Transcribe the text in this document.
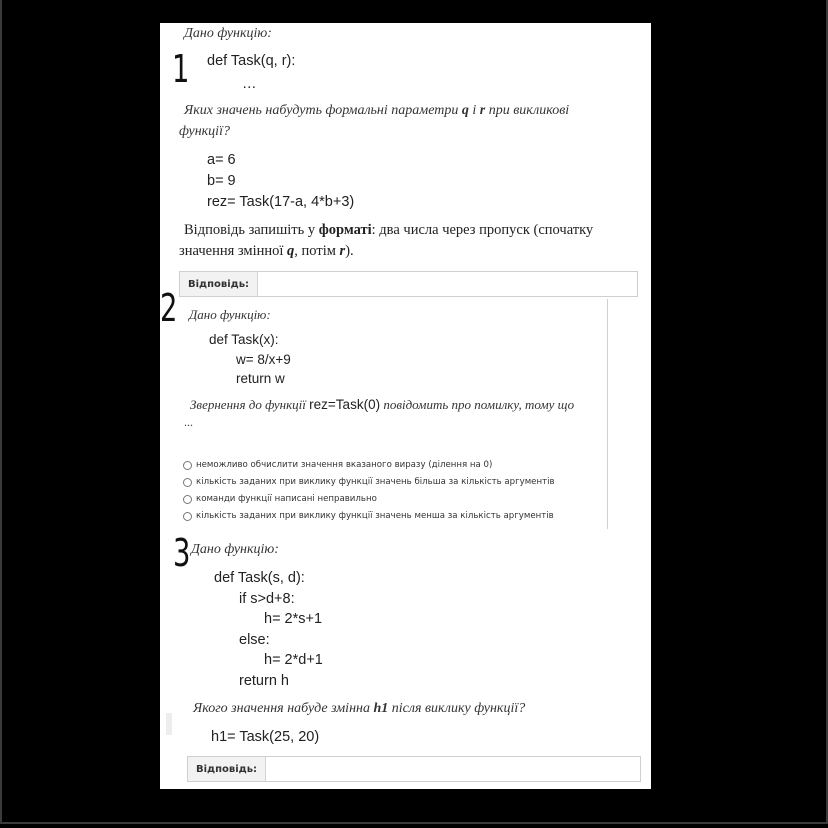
Дано функцію:
1 def Task(q, r):
…
Яких значень набудуть формальні параметри q і r при викликові
функції?
a= 6
b= 9
rez= Task(17-a, 4*b+3)
Відповідь запишіть у форматі: два числа через пропуск (спочатку
значення змінної q, потім r).
Відповідь:
2 Дано функцію:
def Task(x):
w= 8/x+9
return w
Звернення до функції rez=Task(0) повідомить про помилку, тому що
...
неможливо обчислити значення вказаного виразу (ділення на 0)
кількість заданих при виклику функції значень більша за кількість аргументів
команди функції написані неправильно
кількість заданих при виклику функції значень менша за кількість аргументів
3 Дано функцію:
def Task(s, d):
if s>d+8:
h= 2*s+1
else:
h= 2*d+1
return h
Якого значення набуде змінна h1 після виклику функції?
h1= Task(25, 20)
Відповідь:
